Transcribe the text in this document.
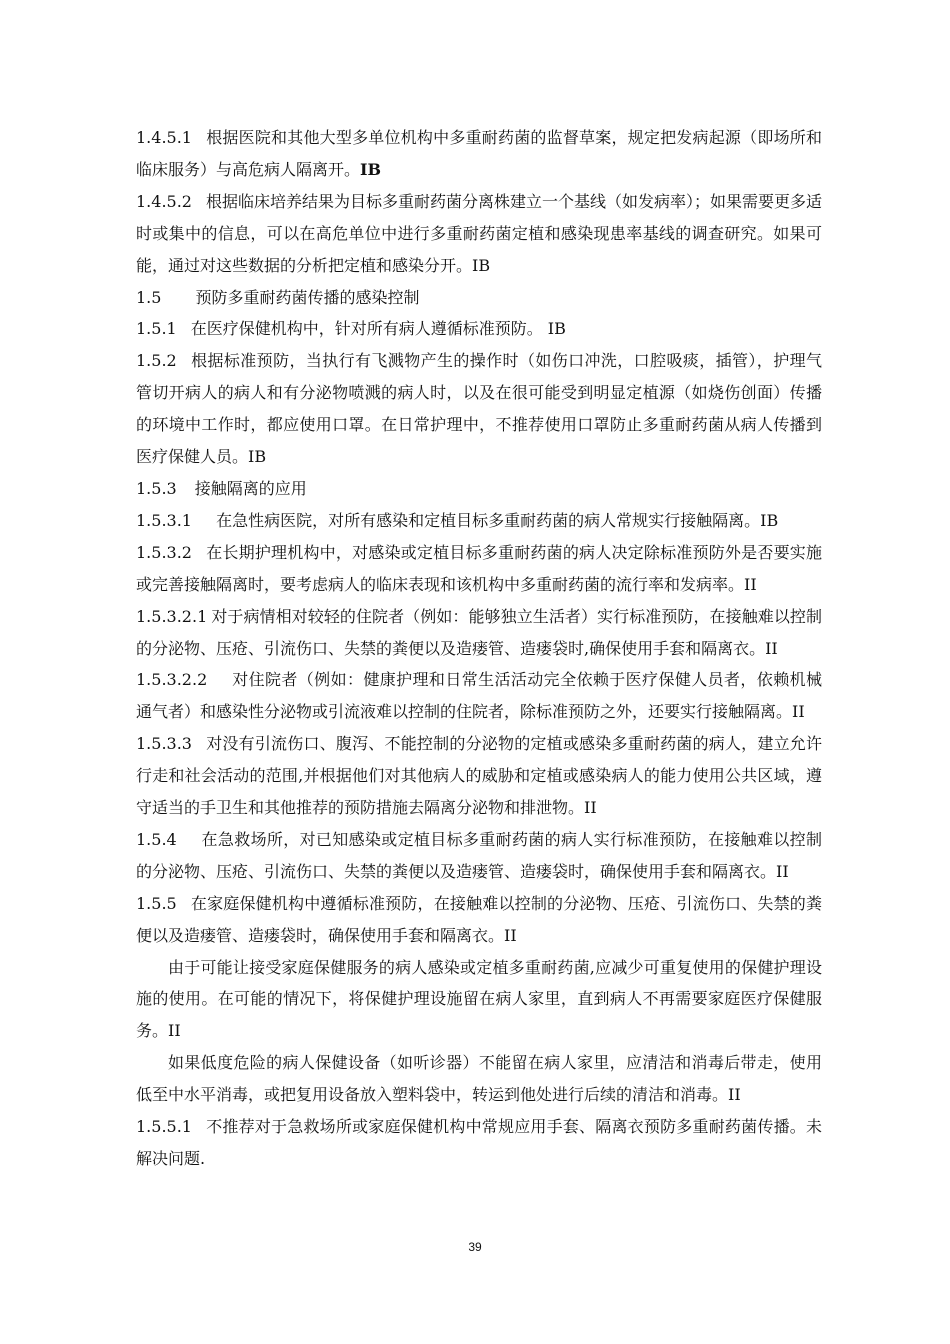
1.4.5.1 根据医院和其他大型多单位机构中多重耐药菌的监督草案，规定把发病起源（即场所和临床服务）与高危病人隔离开。IB

1.4.5.2 根据临床培养结果为目标多重耐药菌分离株建立一个基线（如发病率）；如果需要更多适时或集中的信息，可以在高危单位中进行多重耐药菌定植和感染现患率基线的调查研究。如果可能，通过对这些数据的分析把定植和感染分开。IB

1.5 预防多重耐药菌传播的感染控制

1.5.1 在医疗保健机构中，针对所有病人遵循标准预防。 IB

1.5.2 根据标准预防，当执行有飞溅物产生的操作时（如伤口冲洗，口腔吸痰，插管），护理气管切开病人的病人和有分泌物喷溅的病人时，以及在很可能受到明显定植源（如烧伤创面）传播的环境中工作时，都应使用口罩。在日常护理中，不推荐使用口罩防止多重耐药菌从病人传播到医疗保健人员。IB

1.5.3 接触隔离的应用

1.5.3.1  在急性病医院，对所有感染和定植目标多重耐药菌的病人常规实行接触隔离。IB

1.5.3.2 在长期护理机构中，对感染或定植目标多重耐药菌的病人决定除标准预防外是否要实施或完善接触隔离时，要考虑病人的临床表现和该机构中多重耐药菌的流行率和发病率。II

1.5.3.2.1 对于病情相对较轻的住院者（例如：能够独立生活者）实行标准预防，在接触难以控制的分泌物、压疮、引流伤口、失禁的粪便以及造瘘管、造瘘袋时,确保使用手套和隔离衣。II

1.5.3.2.2  对住院者（例如：健康护理和日常生活活动完全依赖于医疗保健人员者，依赖机械通气者）和感染性分泌物或引流液难以控制的住院者，除标准预防之外，还要实行接触隔离。II

1.5.3.3 对没有引流伤口、腹泻、不能控制的分泌物的定植或感染多重耐药菌的病人，建立允许行走和社会活动的范围,并根据他们对其他病人的威胁和定植或感染病人的能力使用公共区域，遵守适当的手卫生和其他推荐的预防措施去隔离分泌物和排泄物。II

1.5.4  在急救场所，对已知感染或定植目标多重耐药菌的病人实行标准预防，在接触难以控制的分泌物、压疮、引流伤口、失禁的粪便以及造瘘管、造瘘袋时，确保使用手套和隔离衣。II

1.5.5 在家庭保健机构中遵循标准预防，在接触难以控制的分泌物、压疮、引流伤口、失禁的粪便以及造瘘管、造瘘袋时，确保使用手套和隔离衣。II

由于可能让接受家庭保健服务的病人感染或定植多重耐药菌,应减少可重复使用的保健护理设施的使用。在可能的情况下，将保健护理设施留在病人家里，直到病人不再需要家庭医疗保健服务。II

如果低度危险的病人保健设备（如听诊器）不能留在病人家里，应清洁和消毒后带走，使用低至中水平消毒，或把复用设备放入塑料袋中，转运到他处进行后续的清洁和消毒。II

1.5.5.1 不推荐对于急救场所或家庭保健机构中常规应用手套、隔离衣预防多重耐药菌传播。未解决问题.

39
